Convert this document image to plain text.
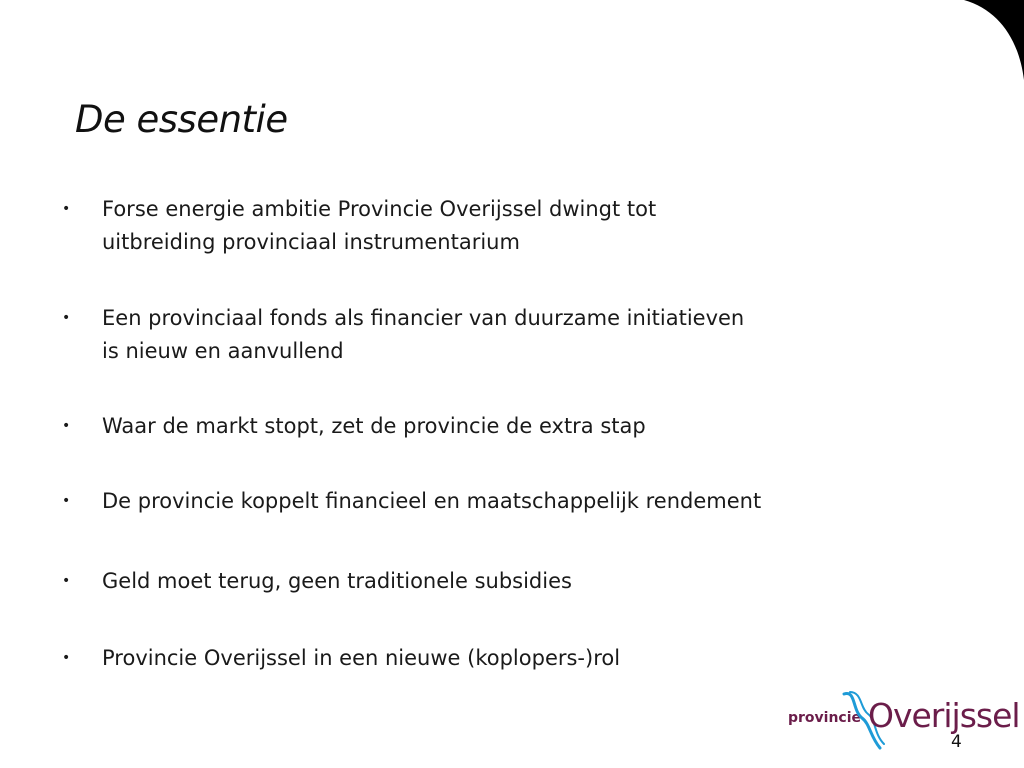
De essentie
• Forse energie ambitie Provincie Overijssel dwingt tot
uitbreiding provinciaal instrumentarium
• Een provinciaal fonds als financier van duurzame initiatieven
is nieuw en aanvullend
• Waar de markt stopt, zet de provincie de extra stap
• De provincie koppelt financieel en maatschappelijk rendement
• Geld moet terug, geen traditionele subsidies
• Provincie Overijssel in een nieuwe (koplopers-)rol
provincie Overijssel
4
